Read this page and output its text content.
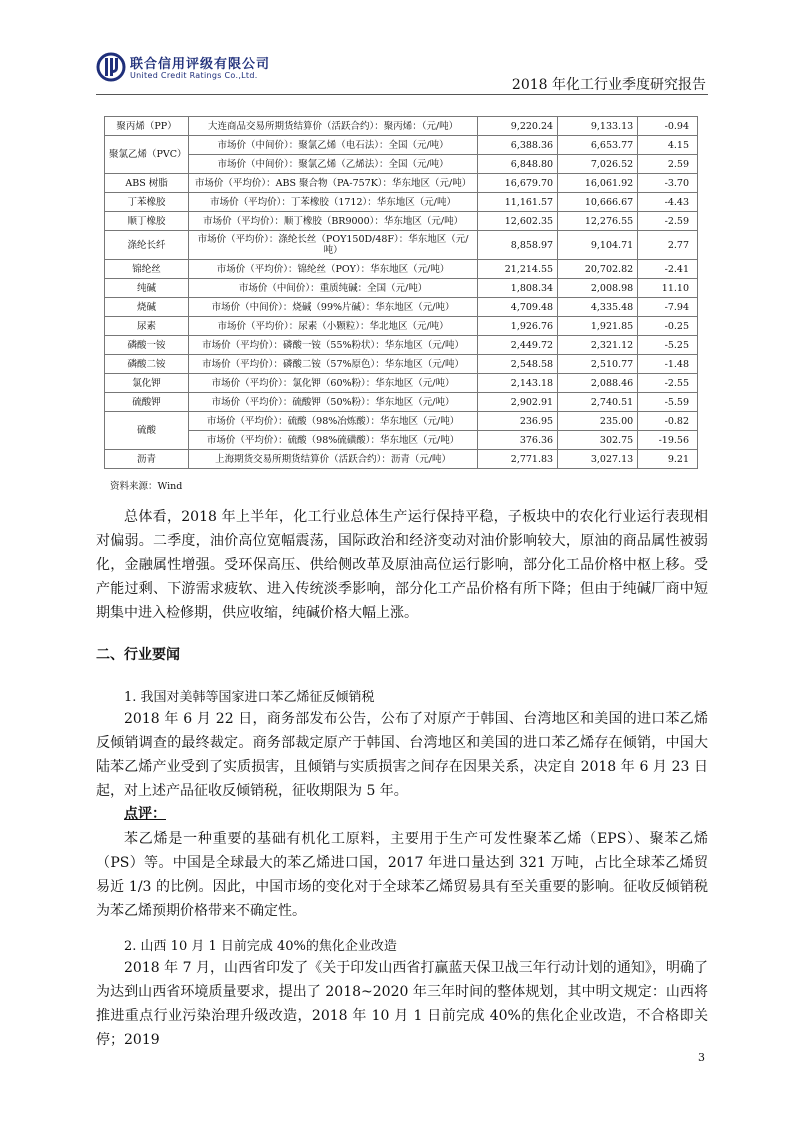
联合信用评级有限公司
United Credit Ratings Co.,Ltd.
2018 年化工行业季度研究报告
聚丙烯（PP）	大连商品交易所期货结算价（活跃合约）：聚丙烯：（元/吨）	9,220.24	9,133.13	-0.94
聚氯乙烯（PVC）	市场价（中间价）：聚氯乙烯（电石法）：全国（元/吨）	6,388.36	6,653.77	4.15
	市场价（中间价）：聚氯乙烯（乙烯法）：全国（元/吨）	6,848.80	7,026.52	2.59
ABS 树脂	市场价（平均价）：ABS 聚合物（PA-757K）：华东地区（元/吨）	16,679.70	16,061.92	-3.70
丁苯橡胶	市场价（平均价）：丁苯橡胶（1712）：华东地区（元/吨）	11,161.57	10,666.67	-4.43
顺丁橡胶	市场价（平均价）：顺丁橡胶（BR9000）：华东地区（元/吨）	12,602.35	12,276.55	-2.59
涤纶长纤	市场价（平均价）：涤纶长丝（POY150D/48F）：华东地区（元/吨）	8,858.97	9,104.71	2.77
锦纶丝	市场价（平均价）：锦纶丝（POY）：华东地区（元/吨）	21,214.55	20,702.82	-2.41
纯碱	市场价（中间价）：重质纯碱：全国（元/吨）	1,808.34	2,008.98	11.10
烧碱	市场价（中间价）：烧碱（99%片碱）：华东地区（元/吨）	4,709.48	4,335.48	-7.94
尿素	市场价（平均价）：尿素（小颗粒）：华北地区（元/吨）	1,926.76	1,921.85	-0.25
磷酸一铵	市场价（平均价）：磷酸一铵（55%粉状）：华东地区（元/吨）	2,449.72	2,321.12	-5.25
磷酸二铵	市场价（平均价）：磷酸二铵（57%原色）：华东地区（元/吨）	2,548.58	2,510.77	-1.48
氯化钾	市场价（平均价）：氯化钾（60%粉）：华东地区（元/吨）	2,143.18	2,088.46	-2.55
硫酸钾	市场价（平均价）：硫酸钾（50%粉）：华东地区（元/吨）	2,902.91	2,740.51	-5.59
硫酸	市场价（平均价）：硫酸（98%冶炼酸）：华东地区（元/吨）	236.95	235.00	-0.82
	市场价（平均价）：硫酸（98%硫磺酸）：华东地区（元/吨）	376.36	302.75	-19.56
沥青	上海期货交易所期货结算价（活跃合约）：沥青（元/吨）	2,771.83	3,027.13	9.21
资料来源：Wind

总体看，2018 年上半年，化工行业总体生产运行保持平稳，子板块中的农化行业运行表现相对偏弱。二季度，油价高位宽幅震荡，国际政治和经济变动对油价影响较大，原油的商品属性被弱化，金融属性增强。受环保高压、供给侧改革及原油高位运行影响，部分化工品价格中枢上移。受产能过剩、下游需求疲软、进入传统淡季影响，部分化工产品价格有所下降；但由于纯碱厂商中短期集中进入检修期，供应收缩，纯碱价格大幅上涨。

二、行业要闻
1. 我国对美韩等国家进口苯乙烯征反倾销税

2018 年 6 月 22 日，商务部发布公告，公布了对原产于韩国、台湾地区和美国的进口苯乙烯反倾销调查的最终裁定。商务部裁定原产于韩国、台湾地区和美国的进口苯乙烯存在倾销，中国大陆苯乙烯产业受到了实质损害，且倾销与实质损害之间存在因果关系，决定自 2018 年 6 月 23 日起，对上述产品征收反倾销税，征收期限为 5 年。

点评：

苯乙烯是一种重要的基础有机化工原料，主要用于生产可发性聚苯乙烯（EPS）、聚苯乙烯（PS）等。中国是全球最大的苯乙烯进口国，2017 年进口量达到 321 万吨，占比全球苯乙烯贸易近 1/3 的比例。因此，中国市场的变化对于全球苯乙烯贸易具有至关重要的影响。征收反倾销税为苯乙烯预期价格带来不确定性。

2. 山西 10 月 1 日前完成 40%的焦化企业改造

2018 年 7 月，山西省印发了《关于印发山西省打赢蓝天保卫战三年行动计划的通知》，明确了为达到山西省环境质量要求，提出了 2018~2020 年三年时间的整体规划，其中明文规定：山西将推进重点行业污染治理升级改造，2018 年 10 月 1 日前完成 40%的焦化企业改造，不合格即关停；2019

3
